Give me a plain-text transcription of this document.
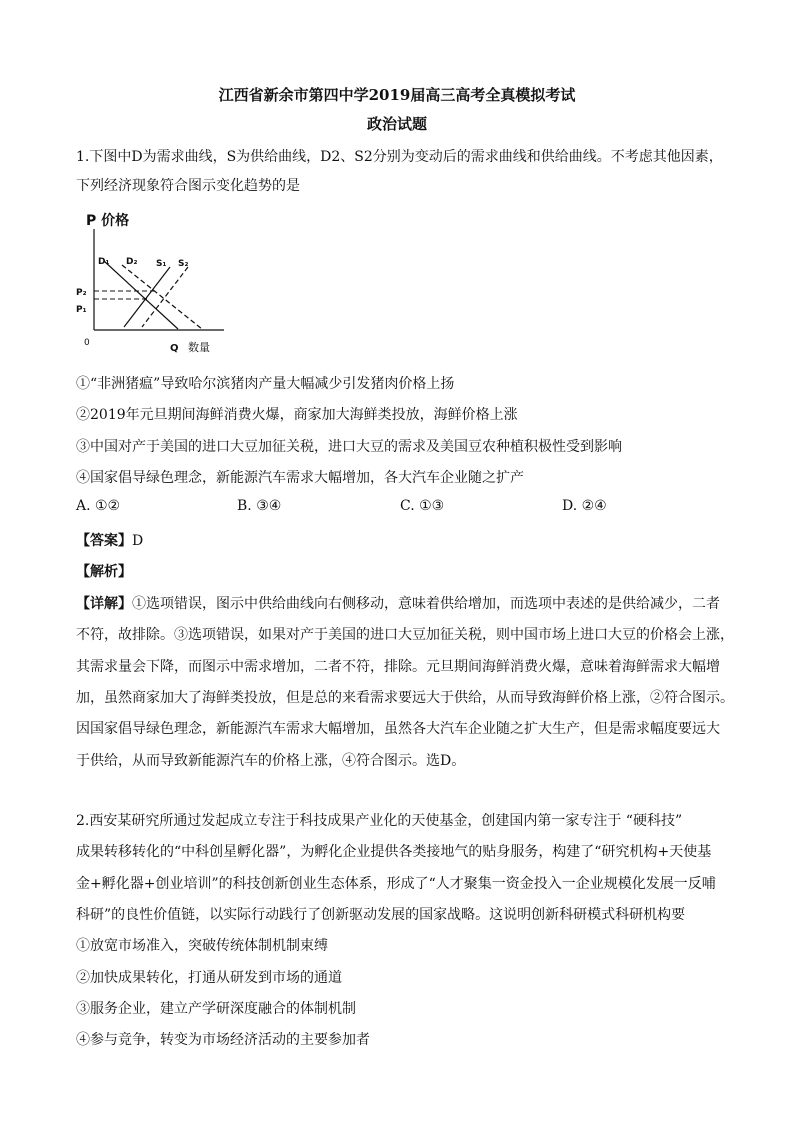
江西省新余市第四中学2019届高三高考全真模拟考试
政治试题
1.下图中D为需求曲线，S为供给曲线，D2、S2分别为变动后的需求曲线和供给曲线。不考虑其他因素，
下列经济现象符合图示变化趋势的是
P 价格
0	Q 数量
P₂
P₁
D₁ D₂ S₁ S₂
①“非洲猪瘟”导致哈尔滨猪肉产量大幅减少引发猪肉价格上扬
②2019年元旦期间海鲜消费火爆，商家加大海鲜类投放，海鲜价格上涨
③中国对产于美国的进口大豆加征关税，进口大豆的需求及美国豆农种植积极性受到影响
④国家倡导绿色理念，新能源汽车需求大幅增加，各大汽车企业随之扩产
A. ①②	B. ③④	C. ①③	D. ②④
【答案】D
【解析】
【详解】①选项错误，图示中供给曲线向右侧移动，意味着供给增加，而选项中表述的是供给减少，二者
不符，故排除。③选项错误，如果对产于美国的进口大豆加征关税，则中国市场上进口大豆的价格会上涨，
其需求量会下降，而图示中需求增加，二者不符，排除。元旦期间海鲜消费火爆，意味着海鲜需求大幅增
加，虽然商家加大了海鲜类投放，但是总的来看需求要远大于供给，从而导致海鲜价格上涨，②符合图示。
因国家倡导绿色理念，新能源汽车需求大幅增加，虽然各大汽车企业随之扩大生产，但是需求幅度要远大
于供给，从而导致新能源汽车的价格上涨，④符合图示。选D。
2.西安某研究所通过发起成立专注于科技成果产业化的天使基金，创建国内第一家专注于 “硬科技”
成果转移转化的“中科创星孵化器”，为孵化企业提供各类接地气的贴身服务，构建了“研究机构+天使基
金+孵化器+创业培训”的科技创新创业生态体系，形成了“人才聚集一资金投入一企业规模化发展一反哺
科研”的良性价值链，以实际行动践行了创新驱动发展的国家战略。这说明创新科研模式科研机构要
①放宽市场准入，突破传统体制机制束缚
②加快成果转化，打通从研发到市场的通道
③服务企业，建立产学研深度融合的体制机制
④参与竞争，转变为市场经济活动的主要参加者
